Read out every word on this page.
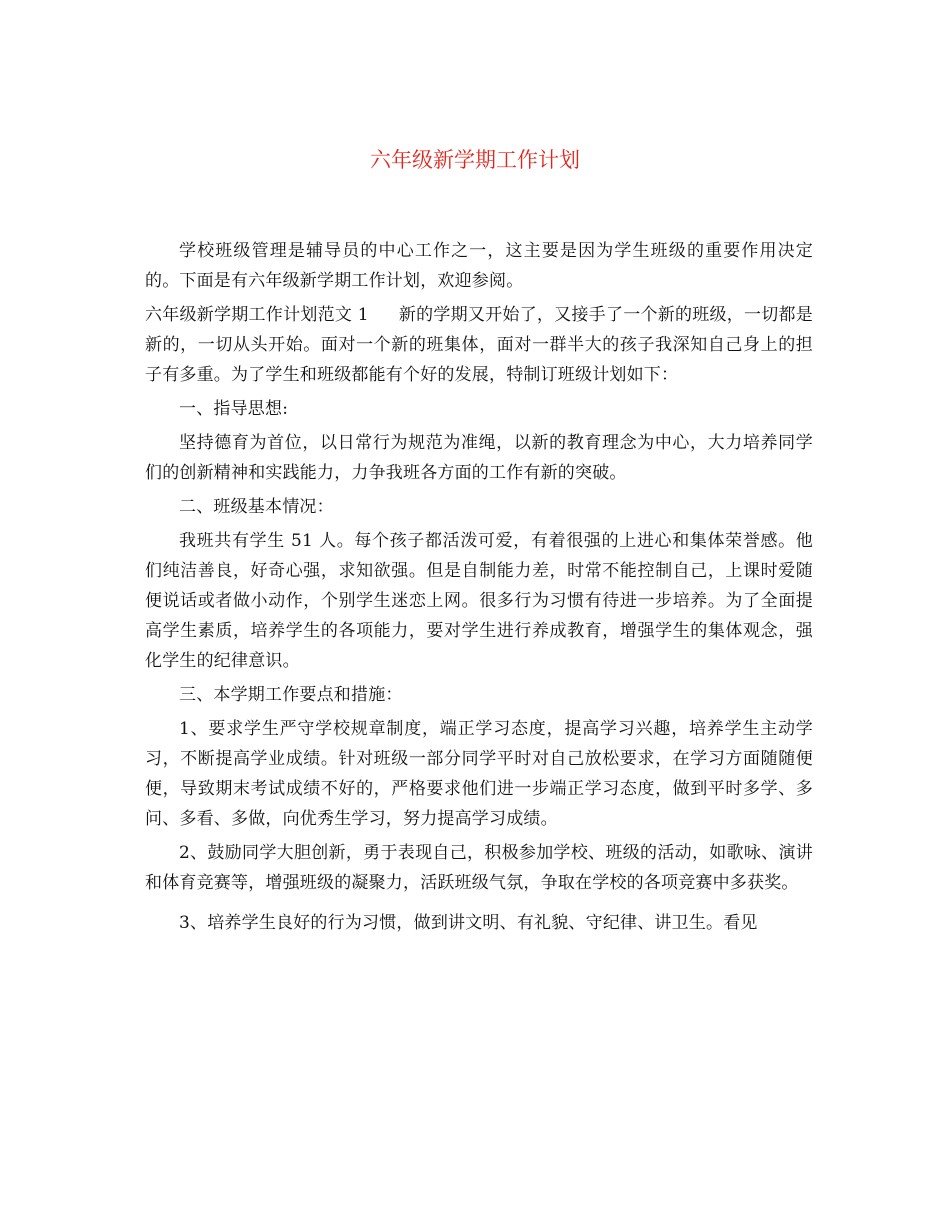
六年级新学期工作计划

学校班级管理是辅导员的中心工作之一，这主要是因为学生班级的重要作用决定的。下面是有六年级新学期工作计划，欢迎参阅。

六年级新学期工作计划范文 1 新的学期又开始了，又接手了一个新的班级，一切都是新的，一切从头开始。面对一个新的班集体，面对一群半大的孩子我深知自己身上的担子有多重。为了学生和班级都能有个好的发展，特制订班级计划如下：

一、指导思想:

坚持德育为首位，以日常行为规范为准绳，以新的教育理念为中心，大力培养同学们的创新精神和实践能力，力争我班各方面的工作有新的突破。

二、班级基本情况：

我班共有学生 51 人。每个孩子都活泼可爱，有着很强的上进心和集体荣誉感。他们纯洁善良，好奇心强，求知欲强。但是自制能力差，时常不能控制自己，上课时爱随便说话或者做小动作，个别学生迷恋上网。很多行为习惯有待进一步培养。为了全面提高学生素质，培养学生的各项能力，要对学生进行养成教育，增强学生的集体观念，强化学生的纪律意识。

三、本学期工作要点和措施：

1、要求学生严守学校规章制度，端正学习态度，提高学习兴趣，培养学生主动学习，不断提高学业成绩。针对班级一部分同学平时对自己放松要求，在学习方面随随便便，导致期末考试成绩不好的，严格要求他们进一步端正学习态度，做到平时多学、多问、多看、多做，向优秀生学习，努力提高学习成绩。

2、鼓励同学大胆创新，勇于表现自己，积极参加学校、班级的活动，如歌咏、演讲和体育竞赛等，增强班级的凝聚力，活跃班级气氛，争取在学校的各项竞赛中多获奖。

3、培养学生良好的行为习惯，做到讲文明、有礼貌、守纪律、讲卫生。看见
